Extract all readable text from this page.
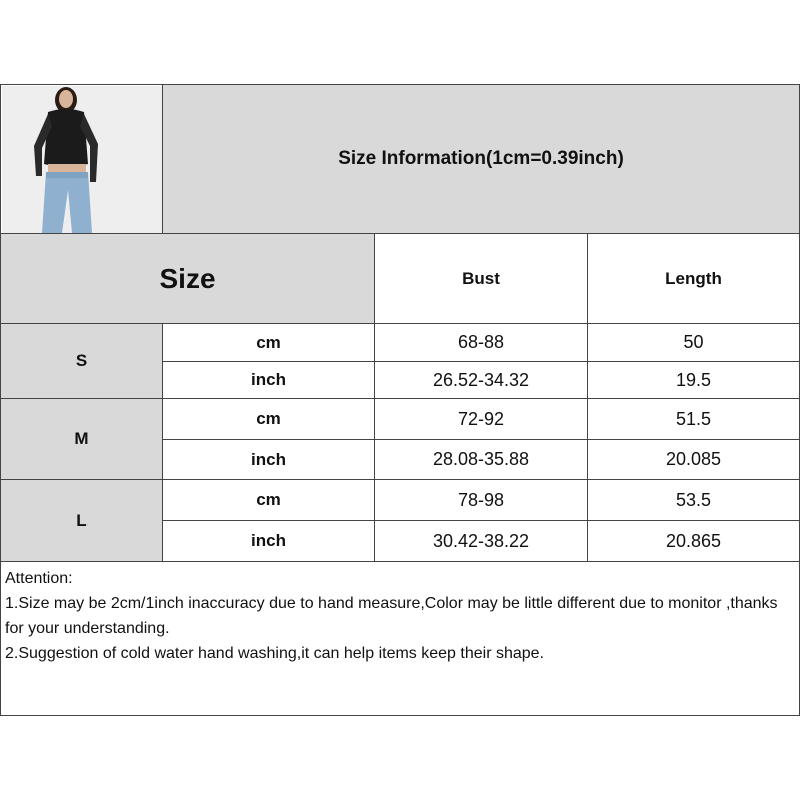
Size Information(1cm=0.39inch)
Size	Bust	Length
S
cm	68-88	50
inch	26.52-34.32	19.5
M
cm	72-92	51.5
inch	28.08-35.88	20.085
L
cm	78-98	53.5
inch	30.42-38.22	20.865
Attention:
1.Size may be 2cm/1inch inaccuracy due to hand measure,Color may be little different due to monitor ,thanks for your understanding.
2.Suggestion of cold water hand washing,it can help items keep their shape.
